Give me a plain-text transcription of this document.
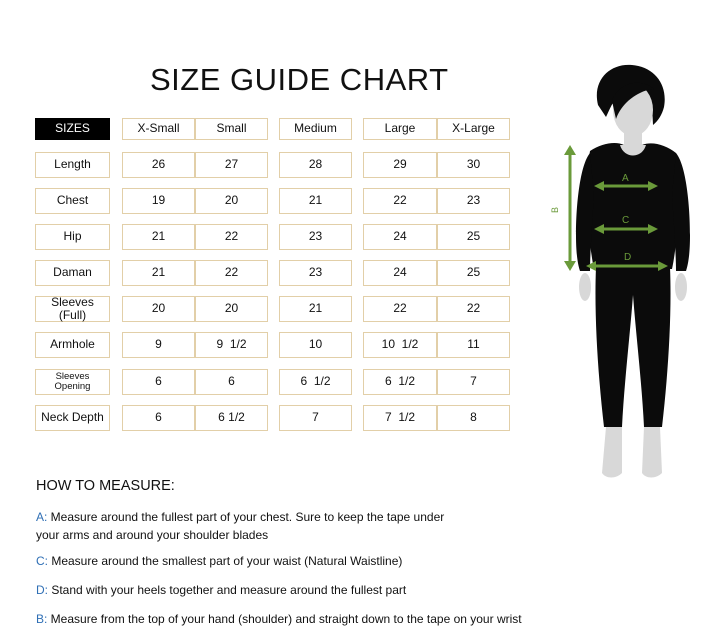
SIZE GUIDE CHART
SIZES	X-Small	Small	Medium	Large	X-Large
Length	26	27	28	29	30
Chest	19	20	21	22	23
Hip	21	22	23	24	25
Daman	21	22	23	24	25
Sleeves (Full)	20	20	21	22	22
Armhole	9	9  1/2	10	10  1/2	11
Sleeves
Opening	6	6	6  1/2	6  1/2	7
Neck Depth	6	6 1/2	7	7  1/2	8
B
A
C
D
HOW TO MEASURE:
A: Measure around the fullest part of your chest. Sure to keep the tape under your arms and around your shoulder blades
C: Measure around the smallest part of your waist (Natural Waistline)
D: Stand with your heels together and measure around the fullest part
B: Measure from the top of your hand (shoulder) and straight down to the tape on your wrist
